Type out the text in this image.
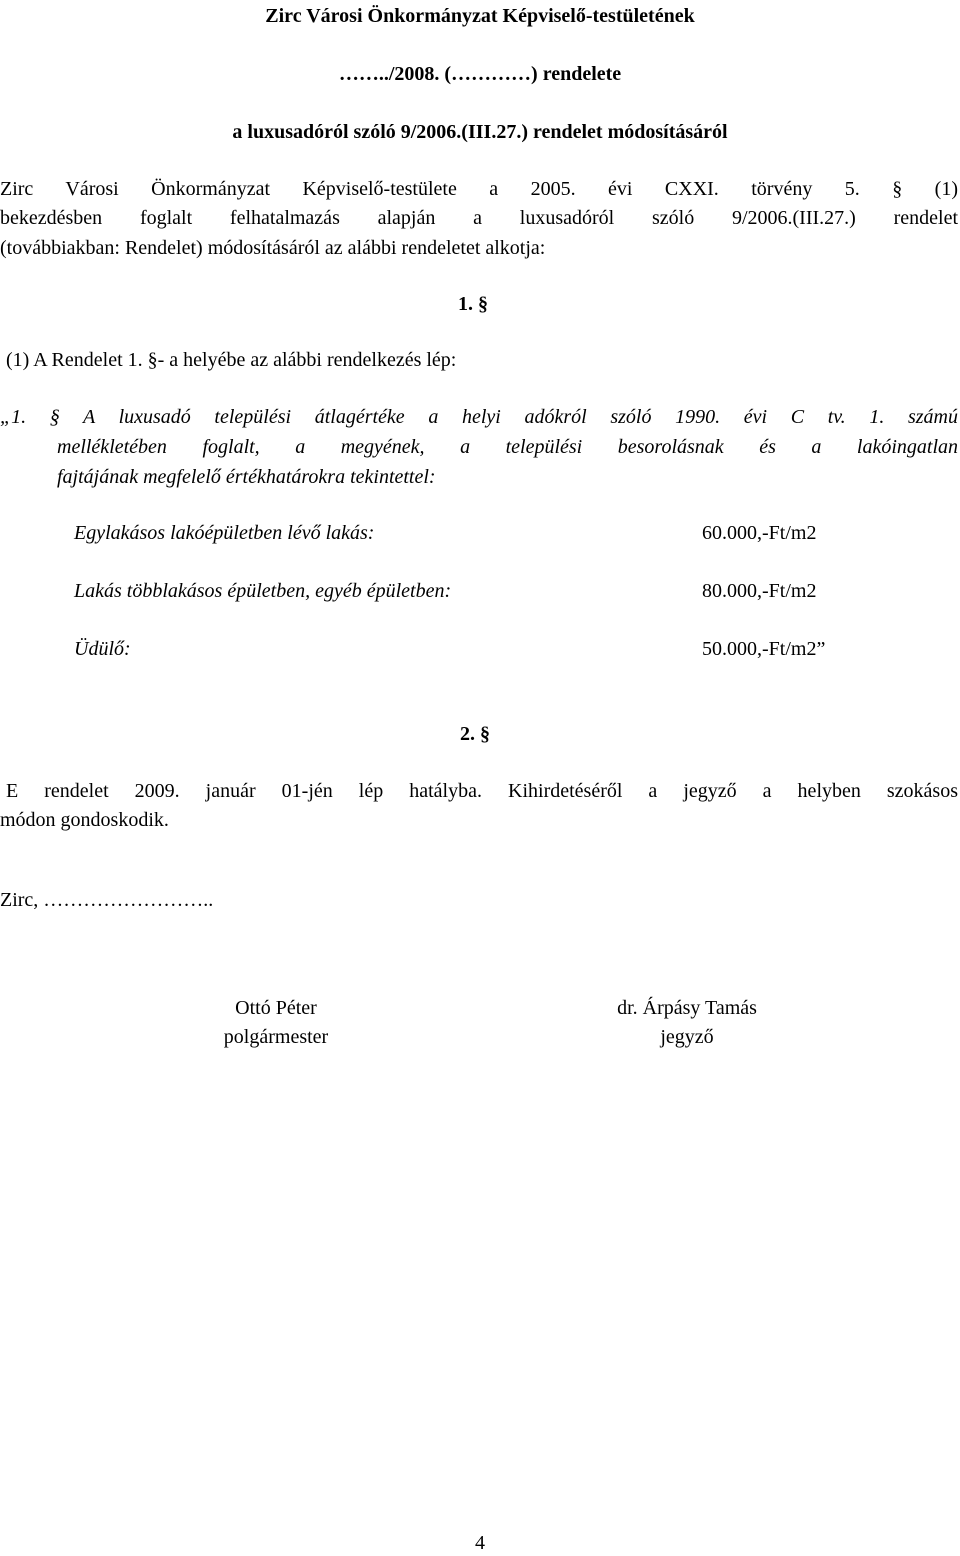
Zirc Városi Önkormányzat Képviselő-testületének
……../2008. (…………) rendelete
a luxusadóról szóló 9/2006.(III.27.) rendelet módosításáról
Zirc Városi Önkormányzat Képviselő-testülete a 2005. évi CXXI. törvény 5. § (1)
bekezdésben foglalt felhatalmazás alapján a luxusadóról szóló 9/2006.(III.27.) rendelet
(továbbiakban: Rendelet) módosításáról az alábbi rendeletet alkotja:
1. §
(1) A Rendelet 1. §- a helyébe az alábbi rendelkezés lép:
„1. § A luxusadó települési átlagértéke a helyi adókról szóló 1990. évi C tv. 1. számú
mellékletében foglalt, a megyének, a települési besorolásnak és a lakóingatlan
fajtájának megfelelő értékhatárokra tekintettel:
Egylakásos lakóépületben lévő lakás:	60.000,-Ft/m2
Lakás többlakásos épületben, egyéb épületben:	80.000,-Ft/m2
Üdülő:	50.000,-Ft/m2”
2. §
E rendelet 2009. január 01-jén lép hatályba. Kihirdetéséről a jegyző a helyben szokásos
módon gondoskodik.
Zirc, ……………………..
Ottó Péter
polgármester
dr. Árpásy Tamás
jegyző
4
